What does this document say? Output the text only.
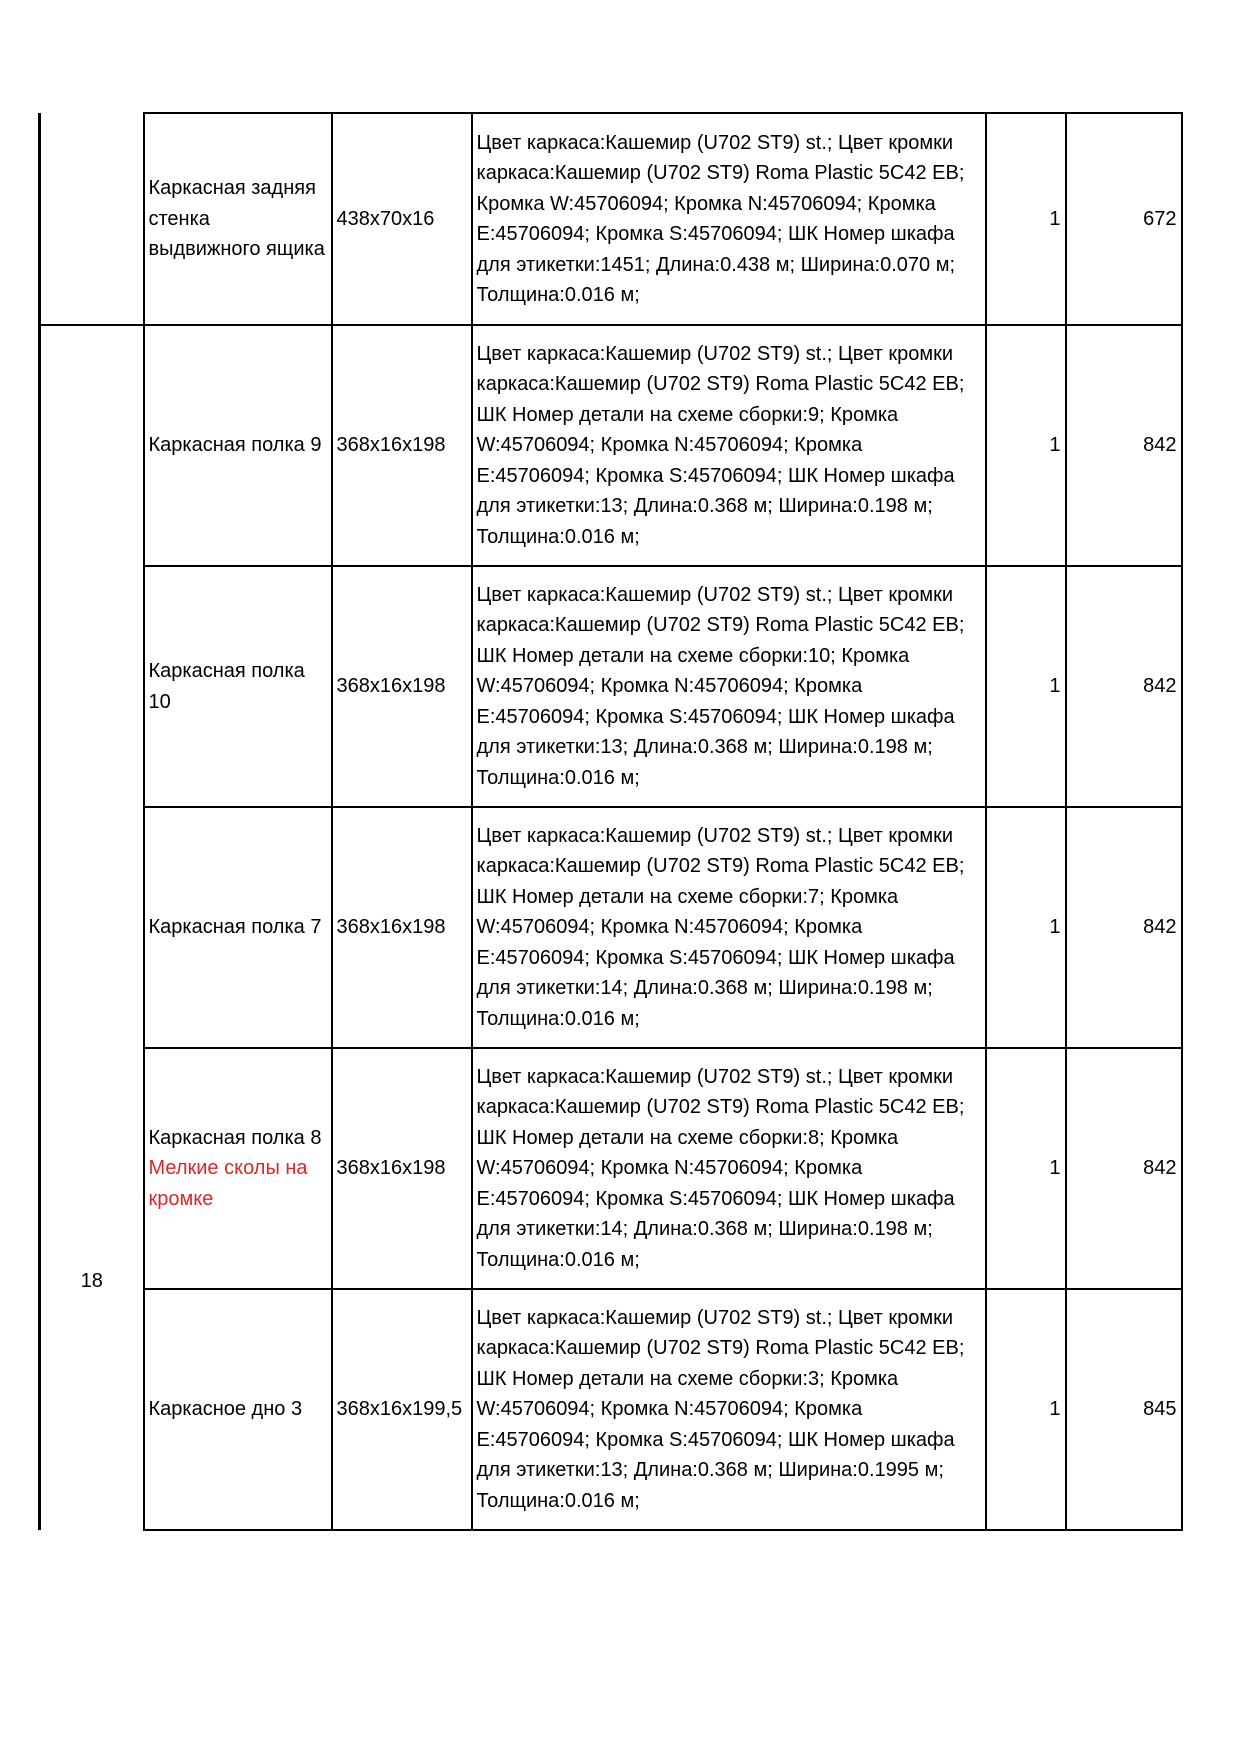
	Каркасная задняя стенка выдвижного ящика	438x70x16	Цвет каркаса:Кашемир (U702 ST9) st.; Цвет кромки каркаса:Кашемир (U702 ST9) Roma Plastic 5C42 EB; Кромка W:45706094; Кромка N:45706094; Кромка E:45706094; Кромка S:45706094; ШК Номер шкафа для этикетки:1451; Длина:0.438 м; Ширина:0.070 м; Толщина:0.016 м;	1	672
18	Каркасная полка 9	368x16x198	Цвет каркаса:Кашемир (U702 ST9) st.; Цвет кромки каркаса:Кашемир (U702 ST9) Roma Plastic 5C42 EB; ШК Номер детали на схеме сборки:9; Кромка W:45706094; Кромка N:45706094; Кромка E:45706094; Кромка S:45706094; ШК Номер шкафа для этикетки:13; Длина:0.368 м; Ширина:0.198 м; Толщина:0.016 м;	1	842
	Каркасная полка 10	368x16x198	Цвет каркаса:Кашемир (U702 ST9) st.; Цвет кромки каркаса:Кашемир (U702 ST9) Roma Plastic 5C42 EB; ШК Номер детали на схеме сборки:10; Кромка W:45706094; Кромка N:45706094; Кромка E:45706094; Кромка S:45706094; ШК Номер шкафа для этикетки:13; Длина:0.368 м; Ширина:0.198 м; Толщина:0.016 м;	1	842
	Каркасная полка 7	368x16x198	Цвет каркаса:Кашемир (U702 ST9) st.; Цвет кромки каркаса:Кашемир (U702 ST9) Roma Plastic 5C42 EB; ШК Номер детали на схеме сборки:7; Кромка W:45706094; Кромка N:45706094; Кромка E:45706094; Кромка S:45706094; ШК Номер шкафа для этикетки:14; Длина:0.368 м; Ширина:0.198 м; Толщина:0.016 м;	1	842
	Каркасная полка 8 Мелкие сколы на кромке	368x16x198	Цвет каркаса:Кашемир (U702 ST9) st.; Цвет кромки каркаса:Кашемир (U702 ST9) Roma Plastic 5C42 EB; ШК Номер детали на схеме сборки:8; Кромка W:45706094; Кромка N:45706094; Кромка E:45706094; Кромка S:45706094; ШК Номер шкафа для этикетки:14; Длина:0.368 м; Ширина:0.198 м; Толщина:0.016 м;	1	842
	Каркасное дно 3	368x16x199,5	Цвет каркаса:Кашемир (U702 ST9) st.; Цвет кромки каркаса:Кашемир (U702 ST9) Roma Plastic 5C42 EB; ШК Номер детали на схеме сборки:3; Кромка W:45706094; Кромка N:45706094; Кромка E:45706094; Кромка S:45706094; ШК Номер шкафа для этикетки:13; Длина:0.368 м; Ширина:0.1995 м; Толщина:0.016 м;	1	845
